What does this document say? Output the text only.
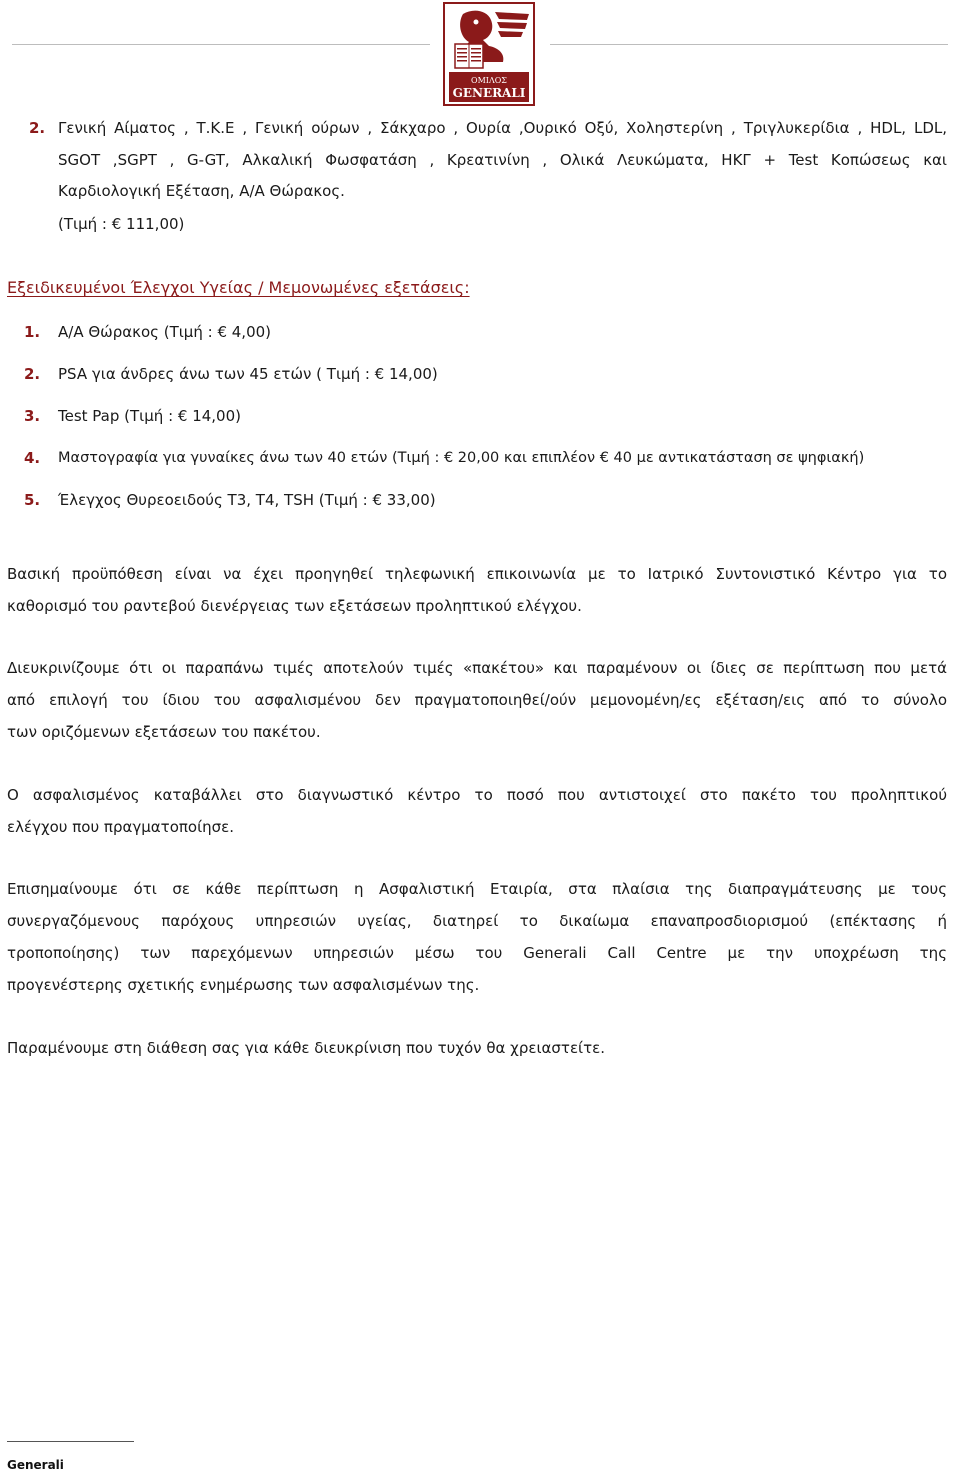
ΟΜΙΛΟΣ
GENERALI
2. Γενική Αίματος , Τ.Κ.Ε , Γενική ούρων , Σάκχαρο , Ουρία ,Ουρικό Οξύ, Χοληστερίνη , Τριγλυκερίδια , HDL, LDL,
SGOT ,SGPT , G-GT, Αλκαλική Φωσφατάση , Κρεατινίνη , Ολικά Λευκώματα, ΗΚΓ + Test Κοπώσεως και
Καρδιολογική Εξέταση, Α/Α Θώρακος.
(Τιμή : € 111,00)
Εξειδικευμένοι Έλεγχοι Υγείας / Μεμονωμένες εξετάσεις:
1. Α/Α Θώρακος (Τιμή : € 4,00)
2. PSA για άνδρες άνω των 45 ετών ( Τιμή : € 14,00)
3. Test Pap (Τιμή : € 14,00)
4. Μαστογραφία για γυναίκες άνω των 40 ετών (Τιμή : € 20,00 και επιπλέον € 40 με αντικατάσταση σε ψηφιακή)
5. Έλεγχος Θυρεοειδούς Τ3, Τ4, TSH (Τιμή : € 33,00)
Βασική προϋπόθεση είναι να έχει προηγηθεί τηλεφωνική επικοινωνία με το Ιατρικό Συντονιστικό Κέντρο για το
καθορισμό του ραντεβού διενέργειας των εξετάσεων προληπτικού ελέγχου.
Διευκρινίζουμε ότι οι παραπάνω τιμές αποτελούν τιμές «πακέτου» και παραμένουν οι ίδιες σε περίπτωση που μετά
από επιλογή του ίδιου του ασφαλισμένου δεν πραγματοποιηθεί/ούν μεμονομένη/ες εξέταση/εις από το σύνολο
των οριζόμενων εξετάσεων του πακέτου.
Ο ασφαλισμένος καταβάλλει στο διαγνωστικό κέντρο το ποσό που αντιστοιχεί στο πακέτο του προληπτικού
ελέγχου που πραγματοποίησε.
Επισημαίνουμε ότι σε κάθε περίπτωση η Ασφαλιστική Εταιρία, στα πλαίσια της διαπραγμάτευσης με τους
συνεργαζόμενους παρόχους υπηρεσιών υγείας, διατηρεί το δικαίωμα επαναπροσδιορισμού (επέκτασης ή
τροποποίησης) των παρεχόμενων υπηρεσιών μέσω του Generali Call Centre με την υποχρέωση της
προγενέστερης σχετικής ενημέρωσης των ασφαλισμένων της.
Παραμένουμε στη διάθεση σας για κάθε διευκρίνιση που τυχόν θα χρειαστείτε.
Generali
